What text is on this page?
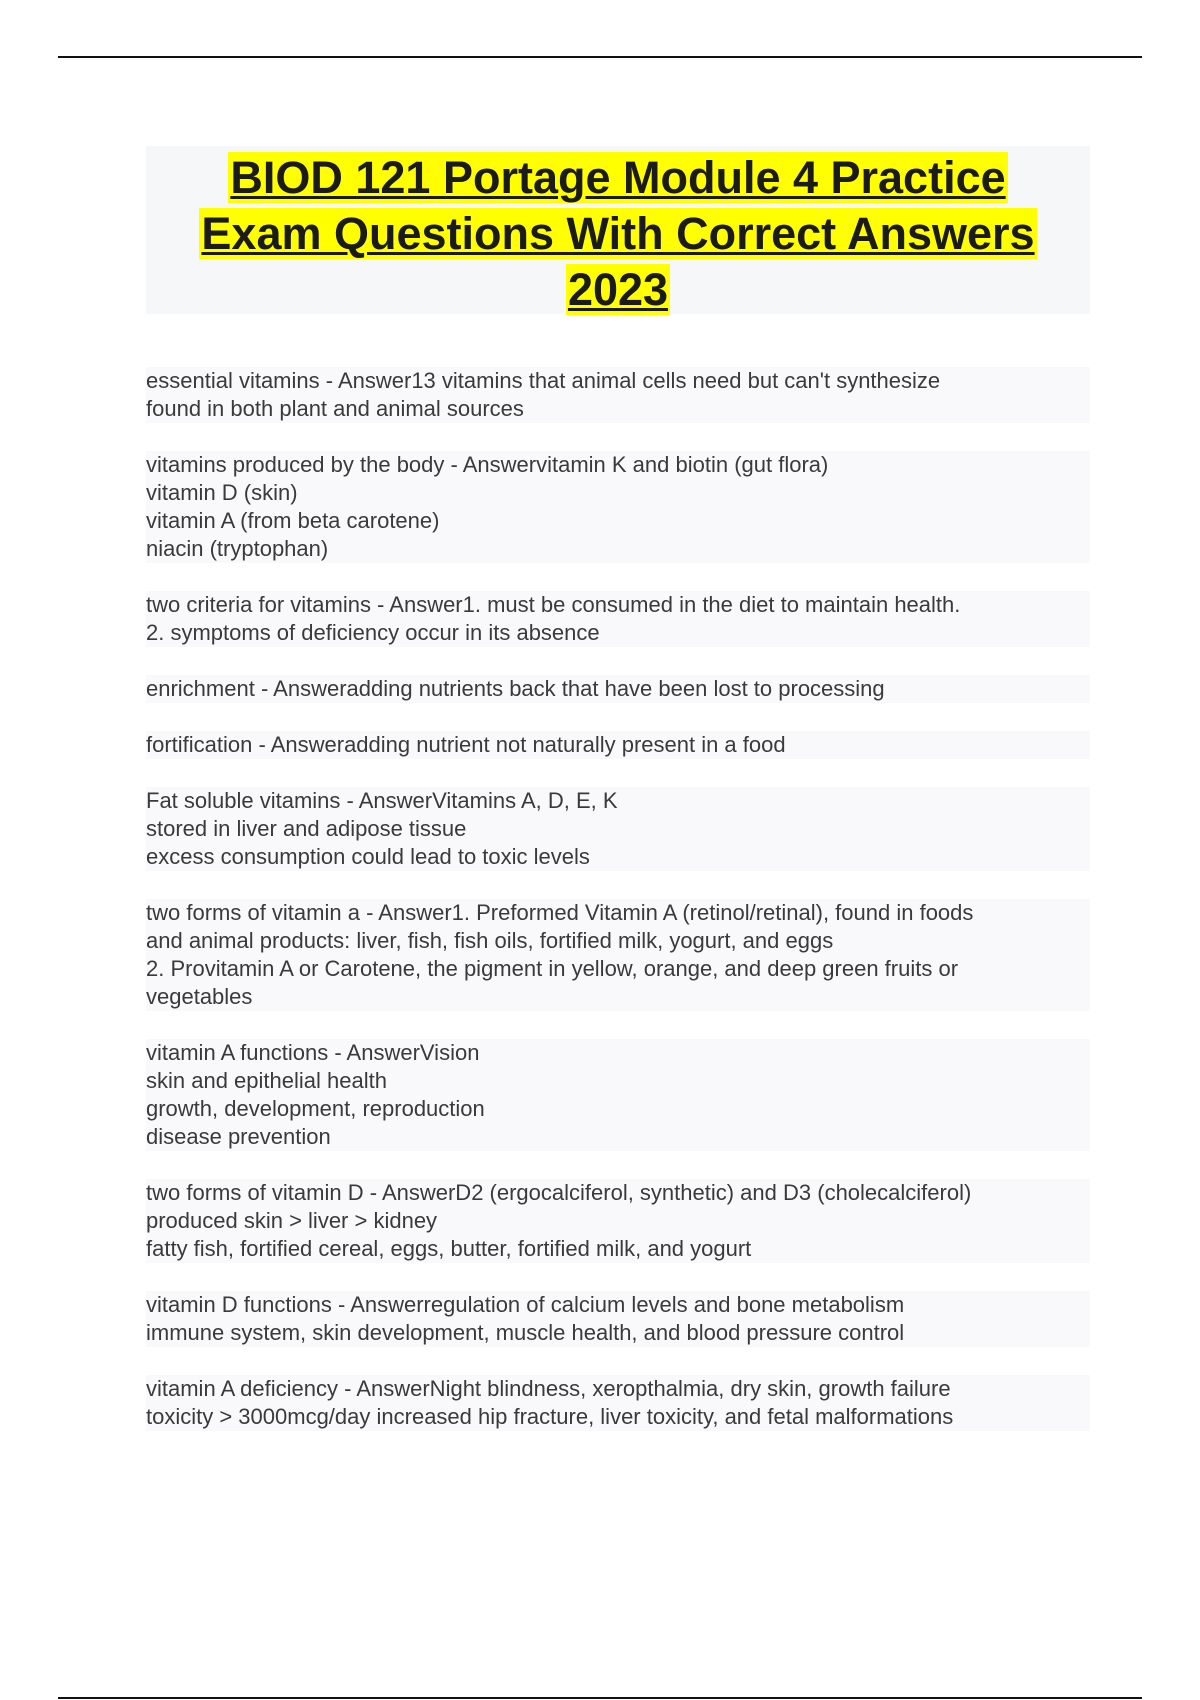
BIOD 121 Portage Module 4 Practice
Exam Questions With Correct Answers
2023
essential vitamins - Answer13 vitamins that animal cells need but can't synthesize
found in both plant and animal sources
vitamins produced by the body - Answervitamin K and biotin (gut flora)
vitamin D (skin)
vitamin A (from beta carotene)
niacin (tryptophan)
two criteria for vitamins - Answer1. must be consumed in the diet to maintain health.
2. symptoms of deficiency occur in its absence
enrichment - Answeradding nutrients back that have been lost to processing
fortification - Answeradding nutrient not naturally present in a food
Fat soluble vitamins - AnswerVitamins A, D, E, K
stored in liver and adipose tissue
excess consumption could lead to toxic levels
two forms of vitamin a - Answer1. Preformed Vitamin A (retinol/retinal), found in foods
and animal products: liver, fish, fish oils, fortified milk, yogurt, and eggs
2. Provitamin A or Carotene, the pigment in yellow, orange, and deep green fruits or
vegetables
vitamin A functions - AnswerVision
skin and epithelial health
growth, development, reproduction
disease prevention
two forms of vitamin D - AnswerD2 (ergocalciferol, synthetic) and D3 (cholecalciferol)
produced skin > liver > kidney
fatty fish, fortified cereal, eggs, butter, fortified milk, and yogurt
vitamin D functions - Answerregulation of calcium levels and bone metabolism
immune system, skin development, muscle health, and blood pressure control
vitamin A deficiency - AnswerNight blindness, xeropthalmia, dry skin, growth failure
toxicity > 3000mcg/day increased hip fracture, liver toxicity, and fetal malformations
